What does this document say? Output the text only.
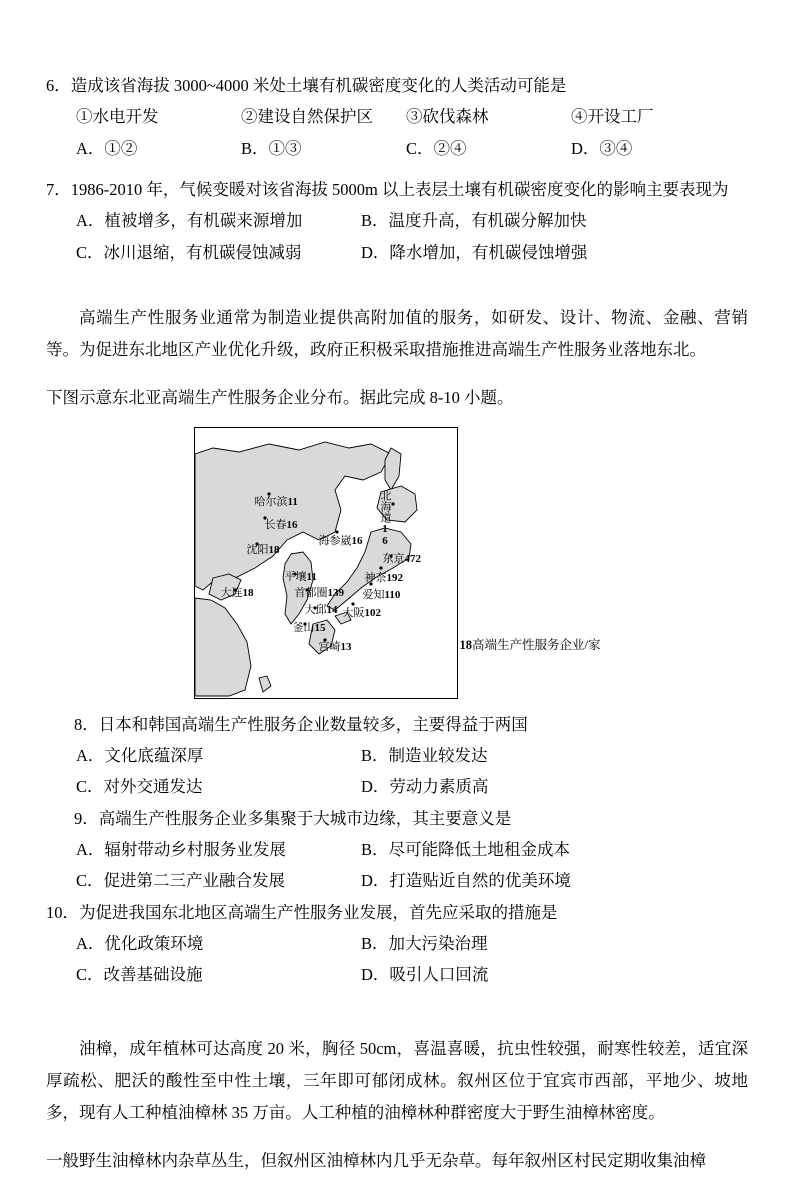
6．造成该省海拔 3000~4000 米处土壤有机碳密度变化的人类活动可能是
①水电开发	②建设自然保护区	③砍伐森林	④开设工厂
A．①②	B．①③	C．②④	D．③④
7．1986-2010 年，气候变暖对该省海拔 5000m 以上表层土壤有机碳密度变化的影响主要表现为
A．植被增多，有机碳来源增加	B．温度升高，有机碳分解加快
C．冰川退缩，有机碳侵蚀减弱	D．降水增加，有机碳侵蚀增强
高端生产性服务业通常为制造业提供高附加值的服务，如研发、设计、物流、金融、营销等。为促进东北地区产业优化升级，政府正积极采取措施推进高端生产性服务业落地东北。
下图示意东北亚高端生产性服务企业分布。据此完成 8-10 小题。
哈尔滨11
长春16
沈阳18
北海道16
海参崴16
大连18
平壤11
东京472
神奈192
爱知110
首都圈139
大邱14 大阪102
釜山15
宫崎13	18高端生产性服务企业/家
8．日本和韩国高端生产性服务企业数量较多，主要得益于两国
A．文化底蕴深厚	B．制造业较发达
C．对外交通发达	D．劳动力素质高
9．高端生产性服务企业多集聚于大城市边缘，其主要意义是
A．辐射带动乡村服务业发展	B．尽可能降低土地租金成本
C．促进第二三产业融合发展	D．打造贴近自然的优美环境
10．为促进我国东北地区高端生产性服务业发展，首先应采取的措施是
A．优化政策环境	B．加大污染治理
C．改善基础设施	D．吸引人口回流
油樟，成年植林可达高度 20 米，胸径 50cm，喜温喜暖，抗虫性较强，耐寒性较差，适宜深厚疏松、肥沃的酸性至中性土壤，三年即可郁闭成林。叙州区位于宜宾市西部，平地少、坡地多，现有人工种植油樟林 35 万亩。人工种植的油樟林种群密度大于野生油樟林密度。
一般野生油樟林内杂草丛生，但叙州区油樟林内几乎无杂草。每年叙州区村民定期收集油樟
